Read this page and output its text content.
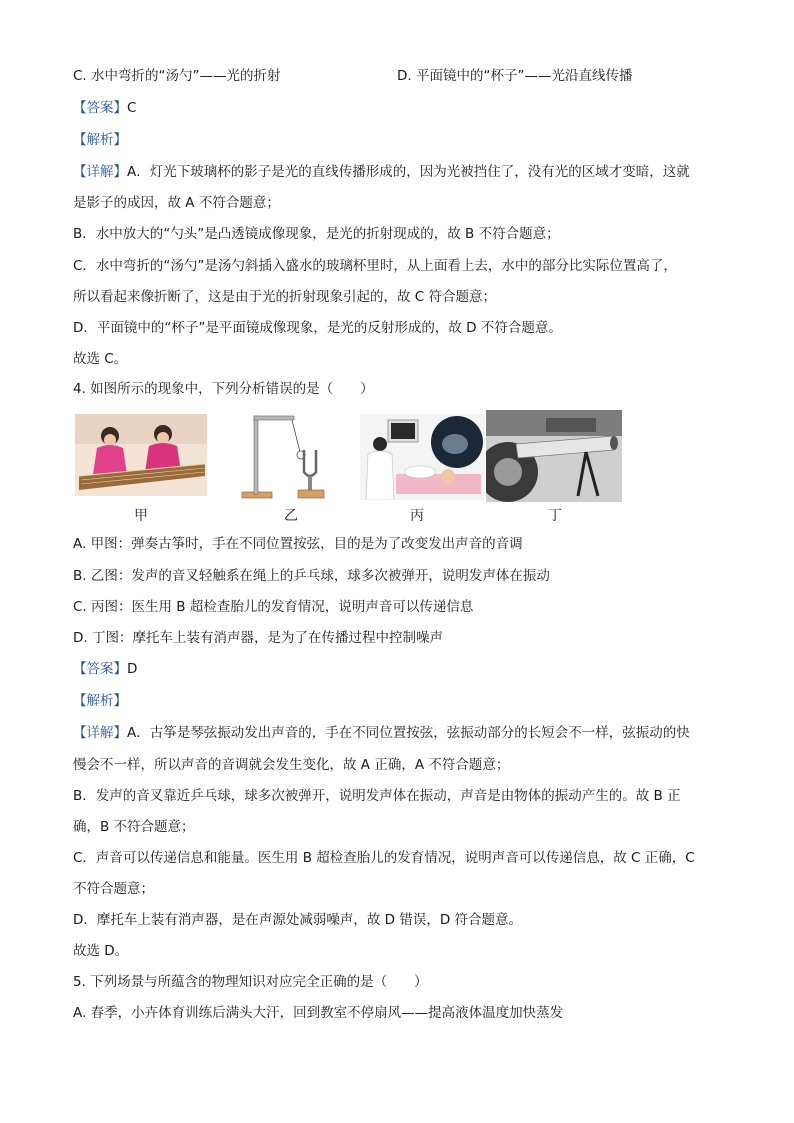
C. 水中弯折的“汤勺”——光的折射	D. 平面镜中的“杯子”——光沿直线传播
【答案】C
【解析】
【详解】A．灯光下玻璃杯的影子是光的直线传播形成的，因为光被挡住了，没有光的区域才变暗，这就
是影子的成因，故 A 不符合题意；
B．水中放大的“勺头”是凸透镜成像现象，是光的折射现成的，故 B 不符合题意；
C．水中弯折的“汤勺”是汤勺斜插入盛水的玻璃杯里时，从上面看上去，水中的部分比实际位置高了，
所以看起来像折断了，这是由于光的折射现象引起的，故 C 符合题意；
D．平面镜中的“杯子”是平面镜成像现象，是光的反射形成的，故 D 不符合题意。
故选 C。
4. 如图所示的现象中，下列分析错误的是（　　）
甲	乙	丙	丁
A. 甲图：弹奏古筝时，手在不同位置按弦，目的是为了改变发出声音的音调
B. 乙图：发声的音叉轻触系在绳上的乒乓球，球多次被弹开，说明发声体在振动
C. 丙图：医生用 B 超检查胎儿的发育情况，说明声音可以传递信息
D. 丁图：摩托车上装有消声器，是为了在传播过程中控制噪声
【答案】D
【解析】
【详解】A．古筝是琴弦振动发出声音的，手在不同位置按弦，弦振动部分的长短会不一样，弦振动的快
慢会不一样，所以声音的音调就会发生变化，故 A 正确，A 不符合题意；
B．发声的音叉靠近乒乓球，球多次被弹开，说明发声体在振动，声音是由物体的振动产生的。故 B 正
确，B 不符合题意；
C．声音可以传递信息和能量。医生用 B 超检查胎儿的发育情况，说明声音可以传递信息，故 C 正确，C
不符合题意；
D．摩托车上装有消声器，是在声源处减弱噪声，故 D 错误，D 符合题意。
故选 D。
5. 下列场景与所蕴含的物理知识对应完全正确的是（　　）
A. 春季，小卉体育训练后满头大汗，回到教室不停扇风——提高液体温度加快蒸发
